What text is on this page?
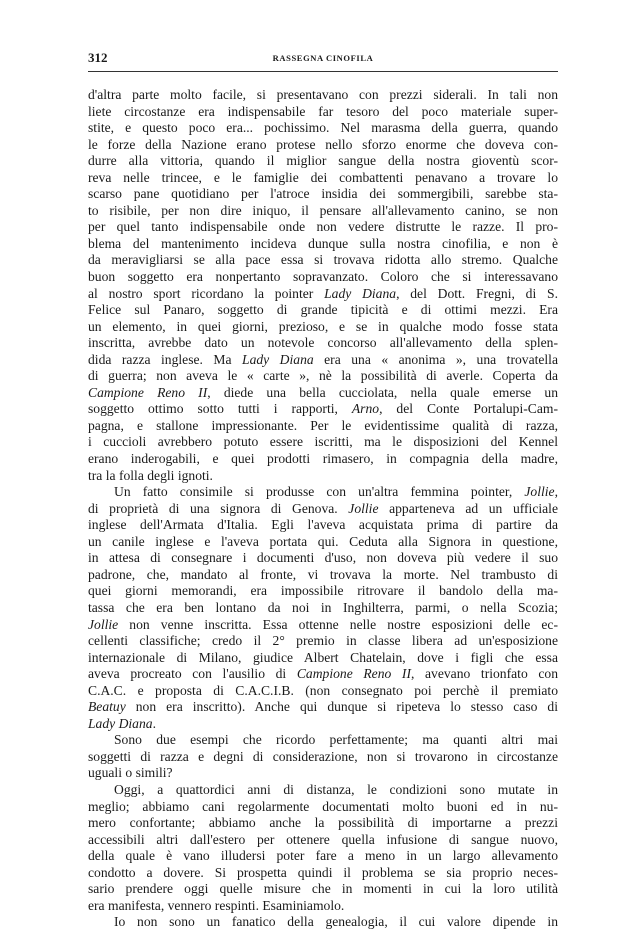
312	RASSEGNA CINOFILA
d'altra parte molto facile, si presentavano con prezzi siderali. In tali non
liete circostanze era indispensabile far tesoro del poco materiale super-
stite, e questo poco era... pochissimo. Nel marasma della guerra, quando
le forze della Nazione erano protese nello sforzo enorme che doveva con-
durre alla vittoria, quando il miglior sangue della nostra gioventù scor-
reva nelle trincee, e le famiglie dei combattenti penavano a trovare lo
scarso pane quotidiano per l'atroce insidia dei sommergibili, sarebbe sta-
to risibile, per non dire iniquo, il pensare all'allevamento canino, se non
per quel tanto indispensabile onde non vedere distrutte le razze. Il pro-
blema del mantenimento incideva dunque sulla nostra cinofilia, e non è
da meravigliarsi se alla pace essa si trovava ridotta allo stremo. Qualche
buon soggetto era nonpertanto sopravanzato. Coloro che si interessavano
al nostro sport ricordano la pointer Lady Diana, del Dott. Fregni, di S.
Felice sul Panaro, soggetto di grande tipicità e di ottimi mezzi. Era
un elemento, in quei giorni, prezioso, e se in qualche modo fosse stata
inscritta, avrebbe dato un notevole concorso all'allevamento della splen-
dida razza inglese. Ma Lady Diana era una « anonima », una trovatella
di guerra; non aveva le « carte », nè la possibilità di averle. Coperta da
Campione Reno II, diede una bella cucciolata, nella quale emerse un
soggetto ottimo sotto tutti i rapporti, Arno, del Conte Portalupi-Cam-
pagna, e stallone impressionante. Per le evidentissime qualità di razza,
i cuccioli avrebbero potuto essere iscritti, ma le disposizioni del Kennel
erano inderogabili, e quei prodotti rimasero, in compagnia della madre,
tra la folla degli ignoti.
Un fatto consimile si produsse con un'altra femmina pointer, Jollie,
di proprietà di una signora di Genova. Jollie apparteneva ad un ufficiale
inglese dell'Armata d'Italia. Egli l'aveva acquistata prima di partire da
un canile inglese e l'aveva portata qui. Ceduta alla Signora in questione,
in attesa di consegnare i documenti d'uso, non doveva più vedere il suo
padrone, che, mandato al fronte, vi trovava la morte. Nel trambusto di
quei giorni memorandi, era impossibile ritrovare il bandolo della ma-
tassa che era ben lontano da noi in Inghilterra, parmi, o nella Scozia;
Jollie non venne inscritta. Essa ottenne nelle nostre esposizioni delle ec-
cellenti classifiche; credo il 2° premio in classe libera ad un'esposizione
internazionale di Milano, giudice Albert Chatelain, dove i figli che essa
aveva procreato con l'ausilio di Campione Reno II, avevano trionfato con
C.A.C. e proposta di C.A.C.I.B. (non consegnato poi perchè il premiato
Beatuy non era inscritto). Anche qui dunque si ripeteva lo stesso caso di
Lady Diana.
Sono due esempi che ricordo perfettamente; ma quanti altri mai
soggetti di razza e degni di considerazione, non si trovarono in circostanze
uguali o simili?
Oggi, a quattordici anni di distanza, le condizioni sono mutate in
meglio; abbiamo cani regolarmente documentati molto buoni ed in nu-
mero confortante; abbiamo anche la possibilità di importarne a prezzi
accessibili altri dall'estero per ottenere quella infusione di sangue nuovo,
della quale è vano illudersi poter fare a meno in un largo allevamento
condotto a dovere. Si prospetta quindi il problema se sia proprio neces-
sario prendere oggi quelle misure che in momenti in cui la loro utilità
era manifesta, vennero respinti. Esaminiamolo.
Io non sono un fanatico della genealogia, il cui valore dipende in
